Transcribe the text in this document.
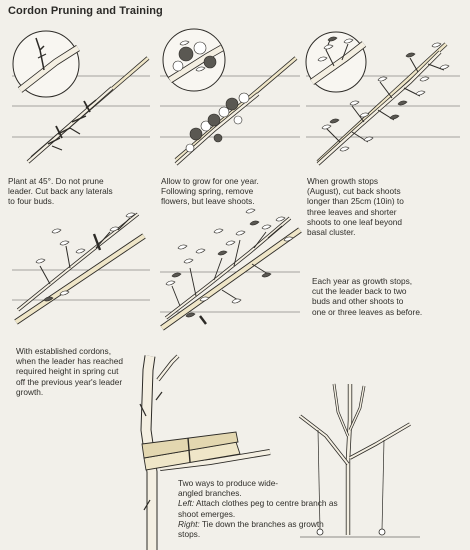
Cordon Pruning and Training
Plant at 45°. Do not prune
leader. Cut back any laterals
to four buds.
Allow to grow for one year.
Following spring, remove
flowers, but leave shoots.
When growth stops
(August), cut back shoots
longer than 25cm (10in) to
three leaves and shorter
shoots to one leaf beyond
basal cluster.
Each year as growth stops,
cut the leader back to two
buds and other shoots to
one or three leaves as before.
With established cordons,
when the leader has reached
required height in spring cut
off the previous year's leader
growth.
Two ways to produce wide-
angled branches.
Left: Attach clothes peg to centre branch as
shoot emerges.
Right: Tie down the branches as growth
stops.
